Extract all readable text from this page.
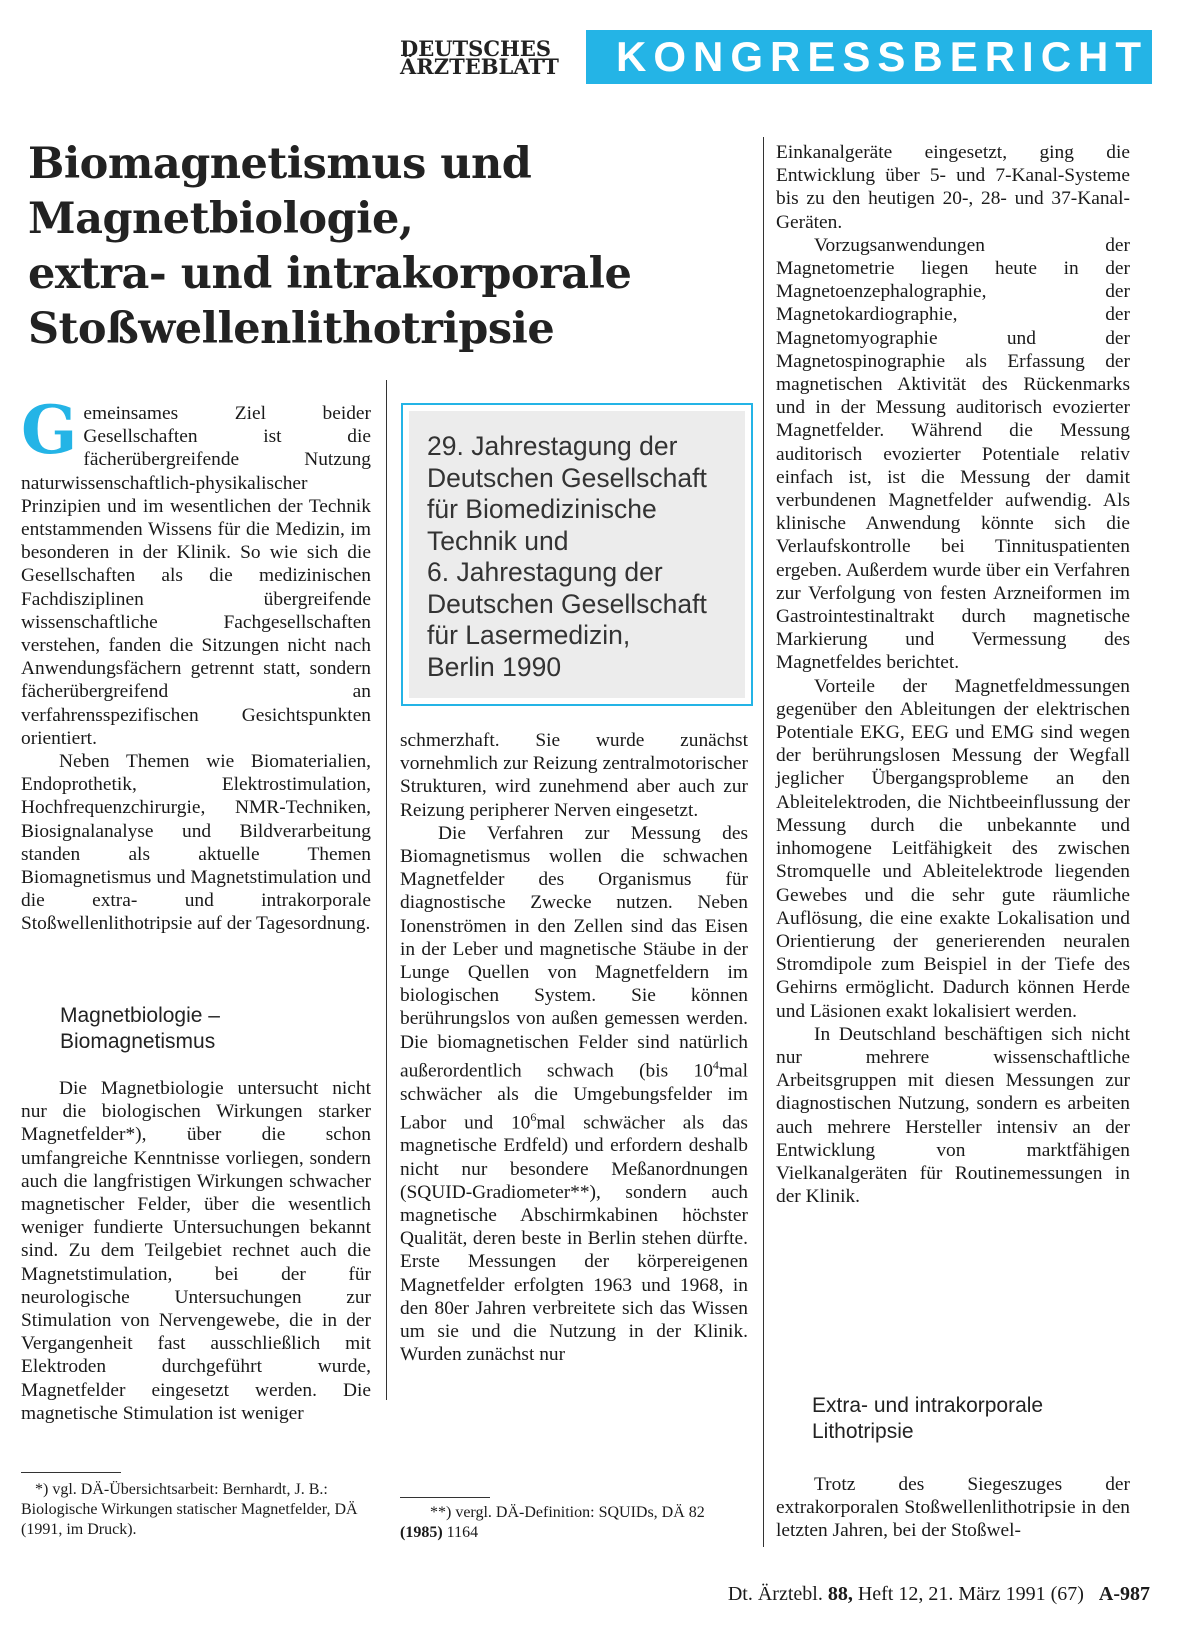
DEUTSCHES
ÄRZTEBLATT	KONGRESSBERICHT
Biomagnetismus und
Magnetbiologie,
extra- und intrakorporale
Stoßwellenlithotripsie

Gemeinsames Ziel beider Gesellschaften ist die fächerübergreifende Nutzung naturwissenschaftlich-physikalischer Prinzipien und im wesentlichen der Technik entstammenden Wissens für die Medizin, im besonderen in der Klinik. So wie sich die Gesellschaften als die medizinischen Fachdisziplinen übergreifende wissenschaftliche Fachgesellschaften verstehen, fanden die Sitzungen nicht nach Anwendungsfächern getrennt statt, sondern fächerübergreifend an verfahrensspezifischen Gesichtspunkten orientiert.

Neben Themen wie Biomaterialien, Endoprothetik, Elektrostimulation, Hochfrequenzchirurgie, NMR-Techniken, Biosignalanalyse und Bildverarbeitung standen als aktuelle Themen Biomagnetismus und Magnetstimulation und die extra- und intrakorporale Stoßwellenlithotripsie auf der Tagesordnung.

Magnetbiologie –
Biomagnetismus

Die Magnetbiologie untersucht nicht nur die biologischen Wirkungen starker Magnetfelder*), über die schon umfangreiche Kenntnisse vorliegen, sondern auch die langfristigen Wirkungen schwacher magnetischer Felder, über die wesentlich weniger fundierte Untersuchungen bekannt sind. Zu dem Teilgebiet rechnet auch die Magnetstimulation, bei der für neurologische Untersuchungen zur Stimulation von Nervengewebe, die in der Vergangenheit fast ausschließlich mit Elektroden durchgeführt wurde, Magnetfelder eingesetzt werden. Die magnetische Stimulation ist weniger

*) vgl. DÄ-Übersichtsarbeit: Bernhardt, J. B.: Biologische Wirkungen statischer Magnetfelder, DÄ (1991, im Druck).
29. Jahrestagung der
Deutschen Gesellschaft
für Biomedizinische
Technik und
6. Jahrestagung der
Deutschen Gesellschaft
für Lasermedizin,
Berlin 1990

schmerzhaft. Sie wurde zunächst vornehmlich zur Reizung zentralmotorischer Strukturen, wird zunehmend aber auch zur Reizung peripherer Nerven eingesetzt.

Die Verfahren zur Messung des Biomagnetismus wollen die schwachen Magnetfelder des Organismus für diagnostische Zwecke nutzen. Neben Ionenströmen in den Zellen sind das Eisen in der Leber und magnetische Stäube in der Lunge Quellen von Magnetfeldern im biologischen System. Sie können berührungslos von außen gemessen werden. Die biomagnetischen Felder sind natürlich außerordentlich schwach (bis $10^4mal$ schwächer als die Umgebungsfelder im Labor und $10^6mal$ schwächer als das magnetische Erdfeld) und erfordern deshalb nicht nur besondere Meßanordnungen (SQUID-Gradiometer**), sondern auch magnetische Abschirmkabinen höchster Qualität, deren beste in Berlin stehen dürfte. Erste Messungen der körpereigenen Magnetfelder erfolgten 1963 und 1968, in den 80er Jahren verbreitete sich das Wissen um sie und die Nutzung in der Klinik. Wurden zunächst nur

**) vergl. DÄ-Definition: SQUIDs, DÄ 82 (1985) 1164

Einkanalgeräte eingesetzt, ging die Entwicklung über 5- und 7-Kanal-Systeme bis zu den heutigen 20-, 28- und 37-Kanal-Geräten.

Vorzugsanwendungen der Magnetometrie liegen heute in der Magnetoenzephalographie, der Magnetokardiographie, der Magnetomyographie und der Magnetospinographie als Erfassung der magnetischen Aktivität des Rückenmarks und in der Messung auditorisch evozierter Magnetfelder. Während die Messung auditorisch evozierter Potentiale relativ einfach ist, ist die Messung der damit verbundenen Magnetfelder aufwendig. Als klinische Anwendung könnte sich die Verlaufskontrolle bei Tinnituspatienten ergeben. Außerdem wurde über ein Verfahren zur Verfolgung von festen Arzneiformen im Gastrointestinaltrakt durch magnetische Markierung und Vermessung des Magnetfeldes berichtet.

Vorteile der Magnetfeldmessungen gegenüber den Ableitungen der elektrischen Potentiale EKG, EEG und EMG sind wegen der berührungslosen Messung der Wegfall jeglicher Übergangsprobleme an den Ableitelektroden, die Nichtbeeinflussung der Messung durch die unbekannte und inhomogene Leitfähigkeit des zwischen Stromquelle und Ableitelektrode liegenden Gewebes und die sehr gute räumliche Auflösung, die eine exakte Lokalisation und Orientierung der generierenden neuralen Stromdipole zum Beispiel in der Tiefe des Gehirns ermöglicht. Dadurch können Herde und Läsionen exakt lokalisiert werden.

In Deutschland beschäftigen sich nicht nur mehrere wissenschaftliche Arbeitsgruppen mit diesen Messungen zur diagnostischen Nutzung, sondern es arbeiten auch mehrere Hersteller intensiv an der Entwicklung von marktfähigen Vielkanalgeräten für Routinemessungen in der Klinik.

Extra- und intrakorporale
Lithotripsie

Trotz des Siegeszuges der extrakorporalen Stoßwellenlithotripsie in den letzten Jahren, bei der Stoßwel-

Dt. Ärztebl. 88, Heft 12, 21. März 1991 (67) A-987
